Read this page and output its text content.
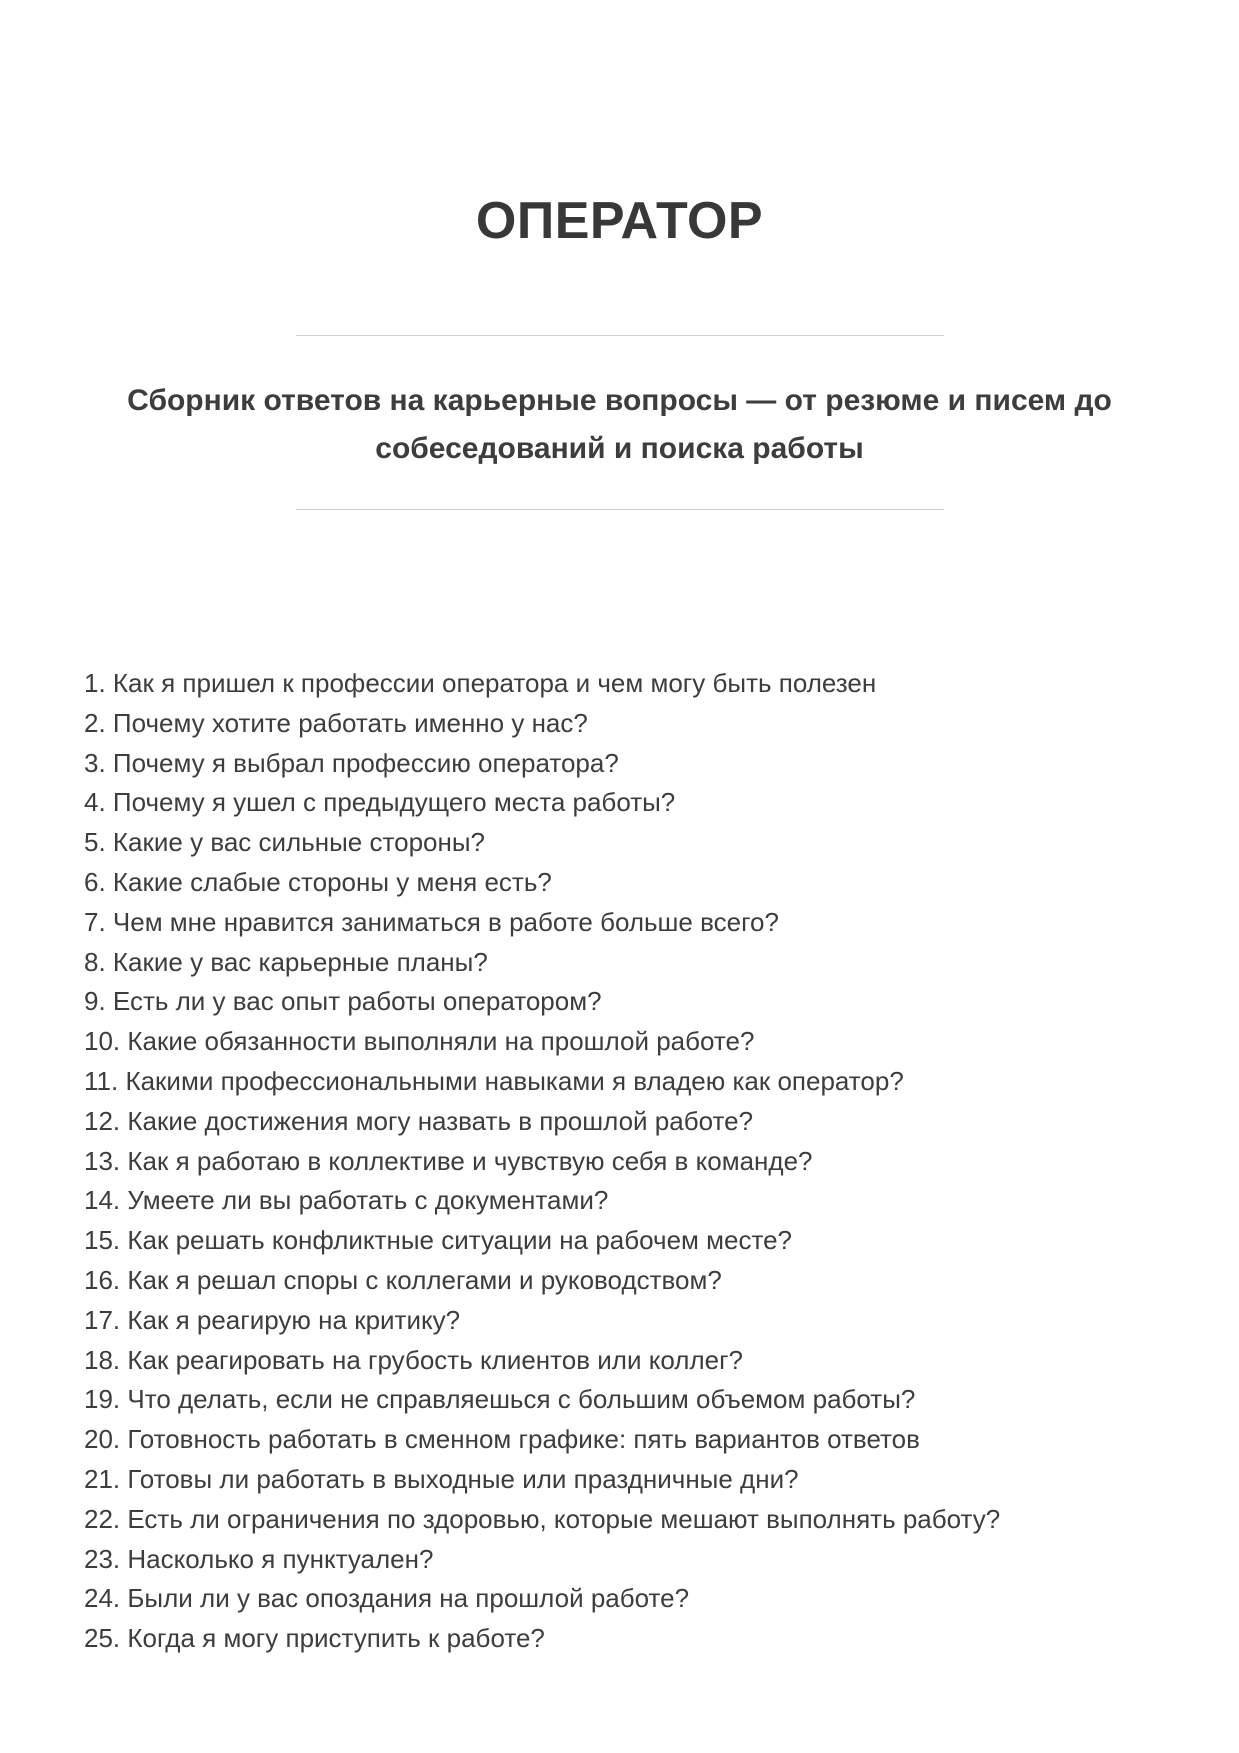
ОПЕРАТОР

Сборник ответов на карьерные вопросы — от резюме и писем до собеседований и поиска работы

1. Как я пришел к профессии оператора и чем могу быть полезен
2. Почему хотите работать именно у нас?
3. Почему я выбрал профессию оператора?
4. Почему я ушел с предыдущего места работы?
5. Какие у вас сильные стороны?
6. Какие слабые стороны у меня есть?
7. Чем мне нравится заниматься в работе больше всего?
8. Какие у вас карьерные планы?
9. Есть ли у вас опыт работы оператором?
10. Какие обязанности выполняли на прошлой работе?
11. Какими профессиональными навыками я владею как оператор?
12. Какие достижения могу назвать в прошлой работе?
13. Как я работаю в коллективе и чувствую себя в команде?
14. Умеете ли вы работать с документами?
15. Как решать конфликтные ситуации на рабочем месте?
16. Как я решал споры с коллегами и руководством?
17. Как я реагирую на критику?
18. Как реагировать на грубость клиентов или коллег?
19. Что делать, если не справляешься с большим объемом работы?
20. Готовность работать в сменном графике: пять вариантов ответов
21. Готовы ли работать в выходные или праздничные дни?
22. Есть ли ограничения по здоровью, которые мешают выполнять работу?
23. Насколько я пунктуален?
24. Были ли у вас опоздания на прошлой работе?
25. Когда я могу приступить к работе?
